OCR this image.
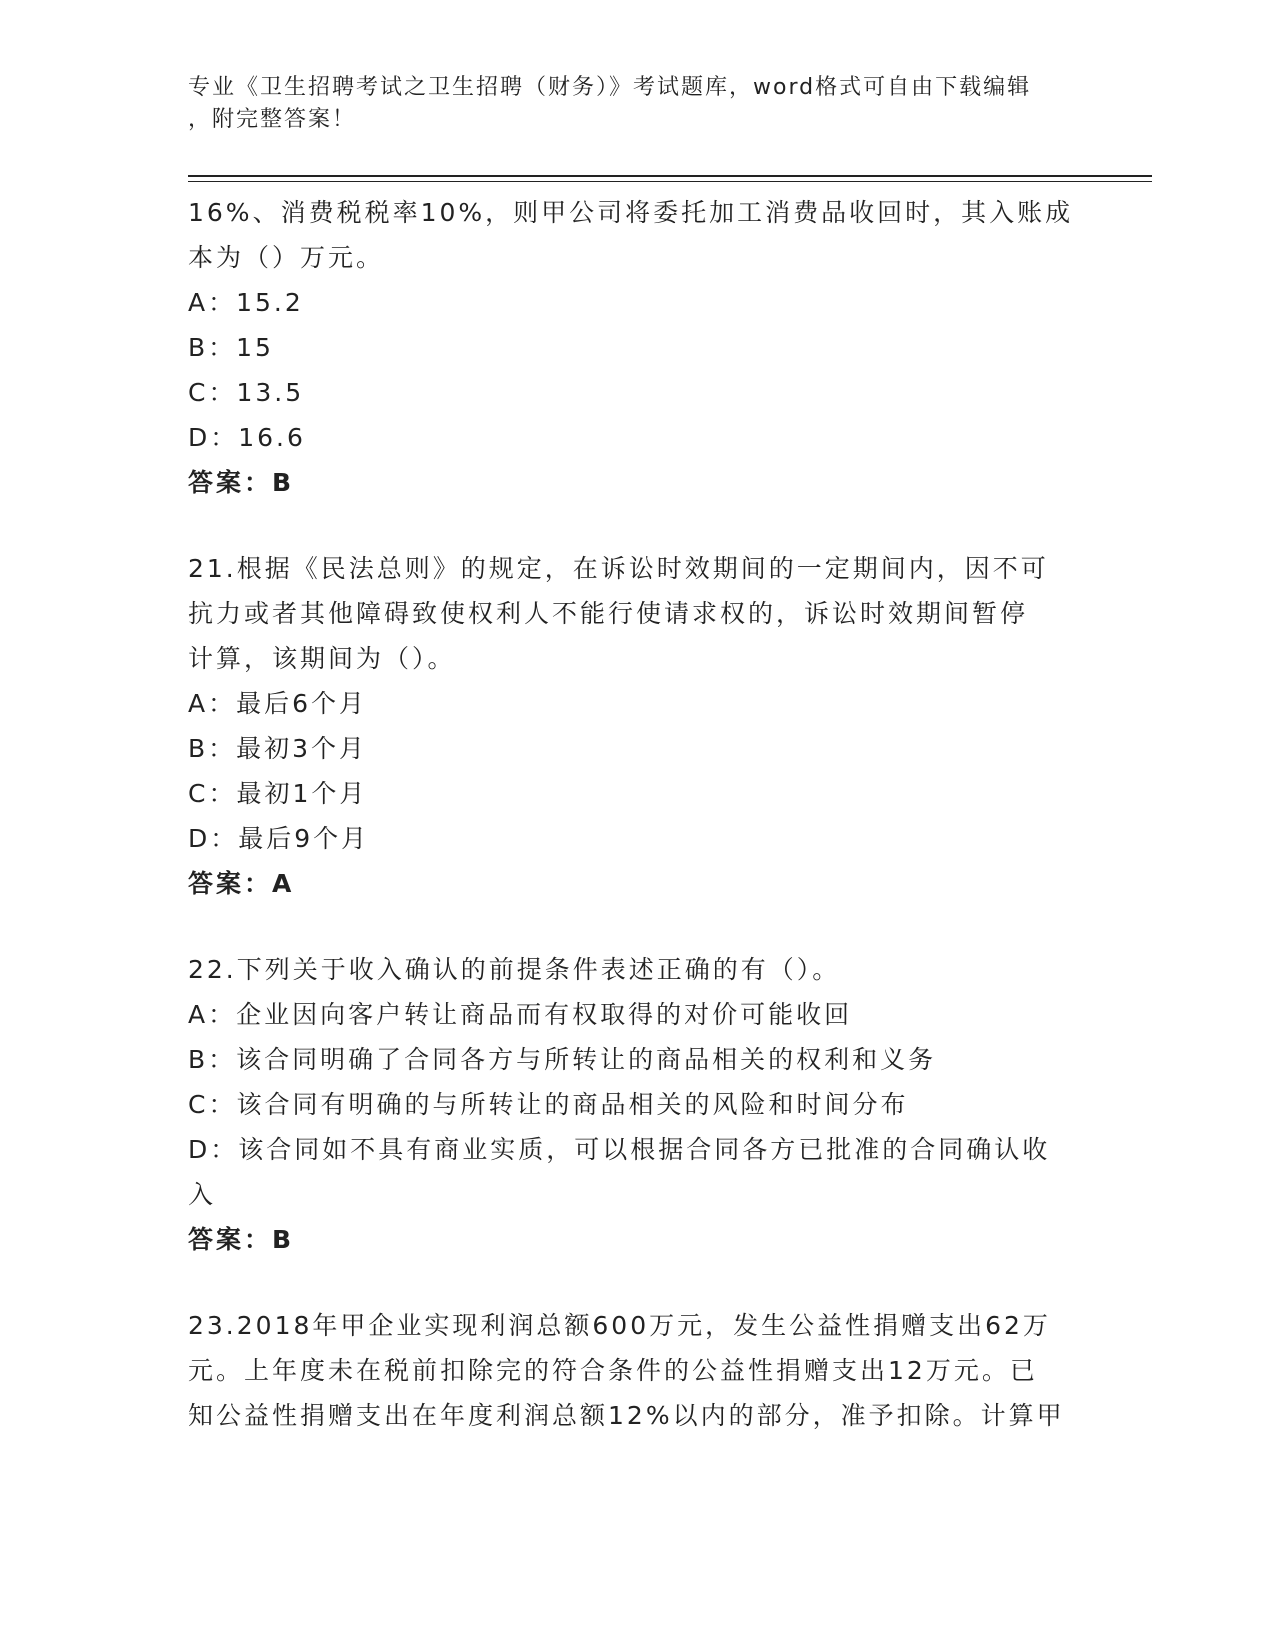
专业《卫生招聘考试之卫生招聘（财务）》考试题库，word格式可自由下载编辑
，附完整答案！
16%、消费税税率10%，则甲公司将委托加工消费品收回时，其入账成
本为（）万元。
A：15.2
B：15
C：13.5
D：16.6
答案：B
21.根据《民法总则》的规定，在诉讼时效期间的一定期间内，因不可
抗力或者其他障碍致使权利人不能行使请求权的，诉讼时效期间暂停
计算，该期间为（）。
A：最后6个月
B：最初3个月
C：最初1个月
D：最后9个月
答案：A
22.下列关于收入确认的前提条件表述正确的有（）。
A：企业因向客户转让商品而有权取得的对价可能收回
B：该合同明确了合同各方与所转让的商品相关的权利和义务
C：该合同有明确的与所转让的商品相关的风险和时间分布
D：该合同如不具有商业实质，可以根据合同各方已批准的合同确认收
入
答案：B
23.2018年甲企业实现利润总额600万元，发生公益性捐赠支出62万
元。上年度未在税前扣除完的符合条件的公益性捐赠支出12万元。已
知公益性捐赠支出在年度利润总额12%以内的部分，准予扣除。计算甲
